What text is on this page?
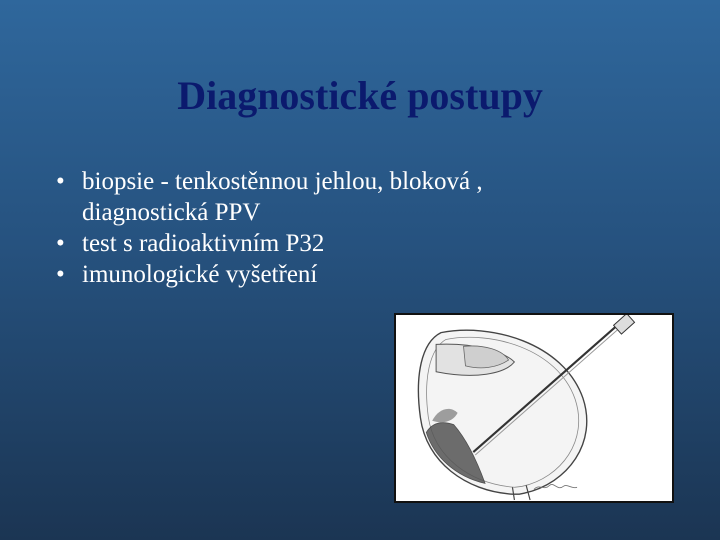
Diagnostické postupy
• biopsie - tenkostěnnou jehlou, bloková ,
diagnostická PPV
• test s radioaktivním P32
• imunologické vyšetření
